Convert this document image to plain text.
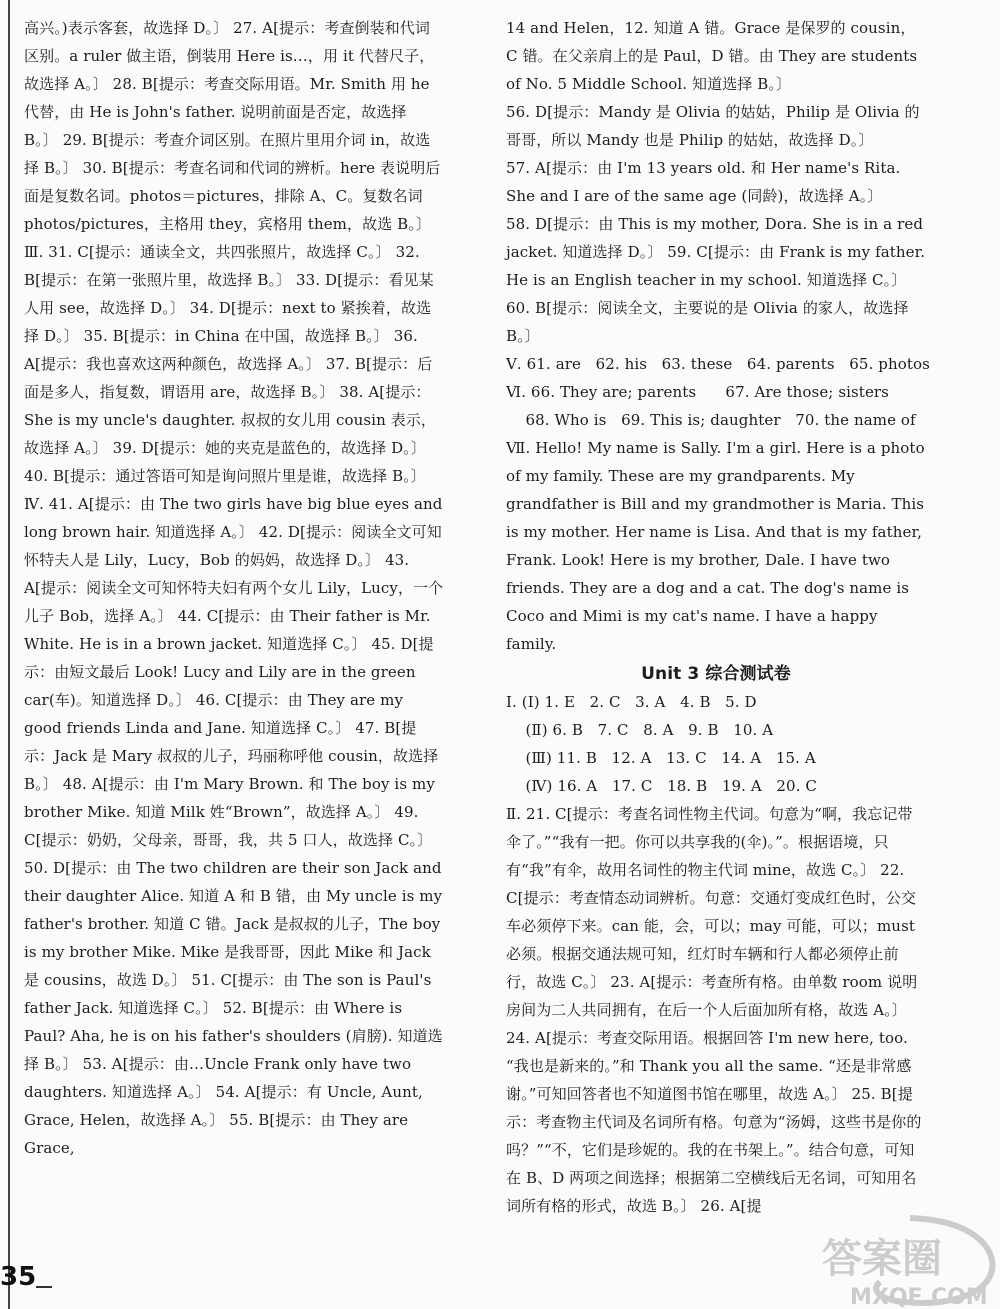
高兴。)表示客套，故选择 D。〕 27. A[提示：考查倒装和代词区别。a ruler 做主语，倒装用 Here is…，用 it 代替尺子，故选择 A。〕 28. B[提示：考查交际用语。Mr. Smith 用 he 代替，由 He is John's father. 说明前面是否定，故选择 B。〕 29. B[提示：考查介词区别。在照片里用介词 in，故选择 B。〕 30. B[提示：考查名词和代词的辨析。here 表说明后面是复数名词。photos＝pictures，排除 A、C。复数名词 photos/pictures，主格用 they，宾格用 them，故选 B。〕

Ⅲ. 31. C[提示：通读全文，共四张照片，故选择 C。〕 32. B[提示：在第一张照片里，故选择 B。〕 33. D[提示：看见某人用 see，故选择 D。〕 34. D[提示：next to 紧挨着，故选择 D。〕 35. B[提示：in China 在中国，故选择 B。〕 36. A[提示：我也喜欢这两种颜色，故选择 A。〕 37. B[提示：后面是多人，指复数，谓语用 are，故选择 B。〕 38. A[提示：She is my uncle's daughter. 叔叔的女儿用 cousin 表示，故选择 A。〕 39. D[提示：她的夹克是蓝色的，故选择 D。〕 40. B[提示：通过答语可知是询问照片里是谁，故选择 B。〕

Ⅳ. 41. A[提示：由 The two girls have big blue eyes and long brown hair. 知道选择 A。〕 42. D[提示：阅读全文可知怀特夫人是 Lily，Lucy，Bob 的妈妈，故选择 D。〕 43. A[提示：阅读全文可知怀特夫妇有两个女儿 Lily，Lucy，一个儿子 Bob，选择 A。〕 44. C[提示：由 Their father is Mr. White. He is in a brown jacket. 知道选择 C。〕 45. D[提示：由短文最后 Look! Lucy and Lily are in the green car(车)。知道选择 D。〕 46. C[提示：由 They are my good friends Linda and Jane. 知道选择 C。〕 47. B[提示：Jack 是 Mary 叔叔的儿子，玛丽称呼他 cousin，故选择 B。〕 48. A[提示：由 I'm Mary Brown. 和 The boy is my brother Mike. 知道 Milk 姓“Brown”，故选择 A。〕 49. C[提示：奶奶，父母亲，哥哥，我，共 5 口人，故选择 C。〕 50. D[提示：由 The two children are their son Jack and their daughter Alice. 知道 A 和 B 错，由 My uncle is my father's brother. 知道 C 错。Jack 是叔叔的儿子，The boy is my brother Mike. Mike 是我哥哥，因此 Mike 和 Jack 是 cousins，故选 D。〕 51. C[提示：由 The son is Paul's father Jack. 知道选择 C。〕 52. B[提示：由 Where is Paul? Aha, he is on his father's shoulders (肩膀). 知道选择 B。〕 53. A[提示：由…Uncle Frank only have two daughters. 知道选择 A。〕 54. A[提示：有 Uncle, Aunt, Grace, Helen，故选择 A。〕 55. B[提示：由 They are Grace,

14 and Helen，12. 知道 A 错。Grace 是保罗的 cousin，C 错。在父亲肩上的是 Paul，D 错。由 They are students of No. 5 Middle School. 知道选择 B。〕

56. D[提示：Mandy 是 Olivia 的姑姑，Philip 是 Olivia 的哥哥，所以 Mandy 也是 Philip 的姑姑，故选择 D。〕

57. A[提示：由 I'm 13 years old. 和 Her name's Rita. She and I are of the same age (同龄)，故选择 A。〕

58. D[提示：由 This is my mother, Dora. She is in a red jacket. 知道选择 D。〕 59. C[提示：由 Frank is my father. He is an English teacher in my school. 知道选择 C。〕 60. B[提示：阅读全文，主要说的是 Olivia 的家人，故选择 B。〕

Ⅴ. 61. are   62. his   63. these   64. parents   65. photos

Ⅵ. 66. They are; parents      67. Are those; sisters

68. Who is   69. This is; daughter   70. the name of

Ⅶ. Hello! My name is Sally. I'm a girl. Here is a photo of my family. These are my grandparents. My grandfather is Bill and my grandmother is Maria. This is my mother. Her name is Lisa. And that is my father, Frank. Look! Here is my brother, Dale. I have two friends. They are a dog and a cat. The dog's name is Coco and Mimi is my cat's name. I have a happy family.

Unit 3 综合测试卷

Ⅰ. (Ⅰ) 1. E   2. C   3. A   4. B   5. D

(Ⅱ) 6. B   7. C   8. A   9. B   10. A

(Ⅲ) 11. B   12. A   13. C   14. A   15. A

(Ⅳ) 16. A   17. C   18. B   19. A   20. C

Ⅱ. 21. C[提示：考查名词性物主代词。句意为“啊，我忘记带伞了。”“我有一把。你可以共享我的(伞)。”。根据语境，只有“我”有伞，故用名词性的物主代词 mine，故选 C。〕 22. C[提示：考查情态动词辨析。句意：交通灯变成红色时，公交车必须停下来。can 能，会，可以；may 可能，可以；must 必须。根据交通法规可知，红灯时车辆和行人都必须停止前行，故选 C。〕 23. A[提示：考查所有格。由单数 room 说明房间为二人共同拥有，在后一个人后面加所有格，故选 A。〕 24. A[提示：考查交际用语。根据回答 I'm new here, too. “我也是新来的。”和 Thank you all the same. “还是非常感谢。”可知回答者也不知道图书馆在哪里，故选 A。〕 25. B[提示：考查物主代词及名词所有格。句意为“汤姆，这些书是你的吗？”“不，它们是珍妮的。我的在书架上。”。结合句意，可知在 B、D 两项之间选择；根据第二空横线后无名词，可知用名词所有格的形式，故选 B。〕 26. A[提

35	答案圈
MXQE.COM
